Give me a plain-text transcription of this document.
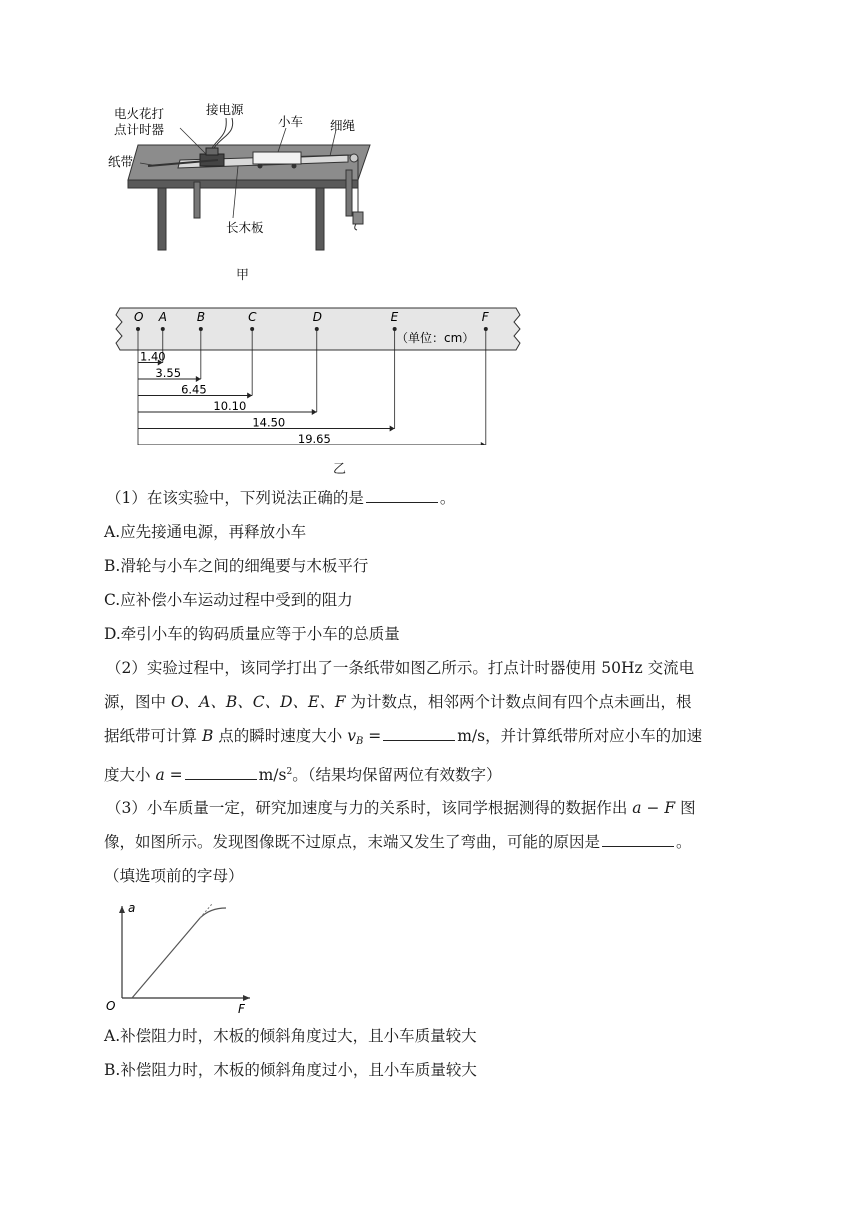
电火花打
点计时器
接电源
小车 细绳
纸带
长木板
甲
O A B	C	D	E	F
1.40
3.55
6.45
10.10
14.50
19.65
（单位：cm）
乙
（1）在该实验中，下列说法正确的是	。
A.应先接通电源，再释放小车
B.滑轮与小车之间的细绳要与木板平行
C.应补偿小车运动过程中受到的阻力
D.牵引小车的钩码质量应等于小车的总质量
（2）实验过程中，该同学打出了一条纸带如图乙所示。打点计时器使用 50Hz 交流电
源，图中 O、A、B、C、D、E、F 为计数点，相邻两个计数点间有四个点未画出，根
据纸带可计算 B 点的瞬时速度大小 $v_B$ =	m/s，并计算纸带所对应小车的加速
度大小 a =	$m/s^2$。（结果均保留两位有效数字）
（3）小车质量一定，研究加速度与力的关系时，该同学根据测得的数据作出 a − F 图
像，如图所示。发现图像既不过原点，末端又发生了弯曲，可能的原因是	。
（填选项前的字母）
a
F
O
A.补偿阻力时，木板的倾斜角度过大，且小车质量较大
B.补偿阻力时，木板的倾斜角度过小，且小车质量较大
